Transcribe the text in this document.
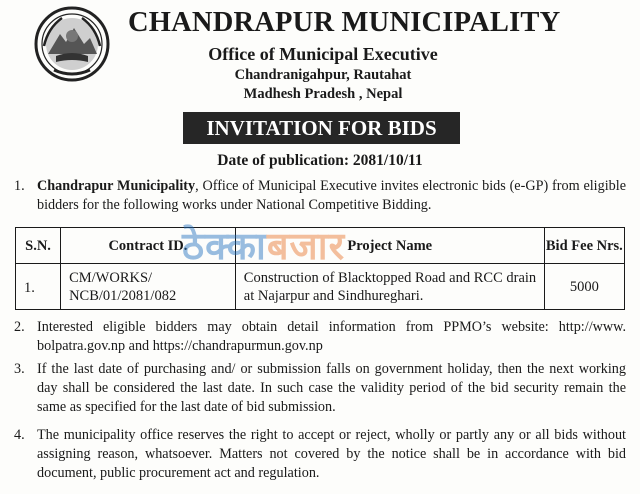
CHANDRAPUR MUNICIPALITY
Office of Municipal Executive
Chandranigahpur, Rautahat
Madhesh Pradesh , Nepal
INVITATION FOR BIDS
Date of publication: 2081/10/11
1. Chandrapur Municipality, Office of Municipal Executive invites electronic bids (e-GP) from eligible bidders for the following works under National Competitive Bidding.
S.N.	Contract ID.	Project Name	Bid Fee Nrs.
1.	CM/WORKS/ NCB/01/2081/082	Construction of Blacktopped Road and RCC drain at Najarpur and Sindhureghari.	5000
ठेक्काबजार
2. Interested eligible bidders may obtain detail information from PPMO’s website: http://www. bolpatra.gov.np and https://chandrapurmun.gov.np
3. If the last date of purchasing and/ or submission falls on government holiday, then the next working day shall be considered the last date. In such case the validity period of the bid security remain the same as specified for the last date of bid submission.
4. The municipality office reserves the right to accept or reject, wholly or partly any or all bids without assigning reason, whatsoever. Matters not covered by the notice shall be in accordance with bid document, public procurement act and regulation.
